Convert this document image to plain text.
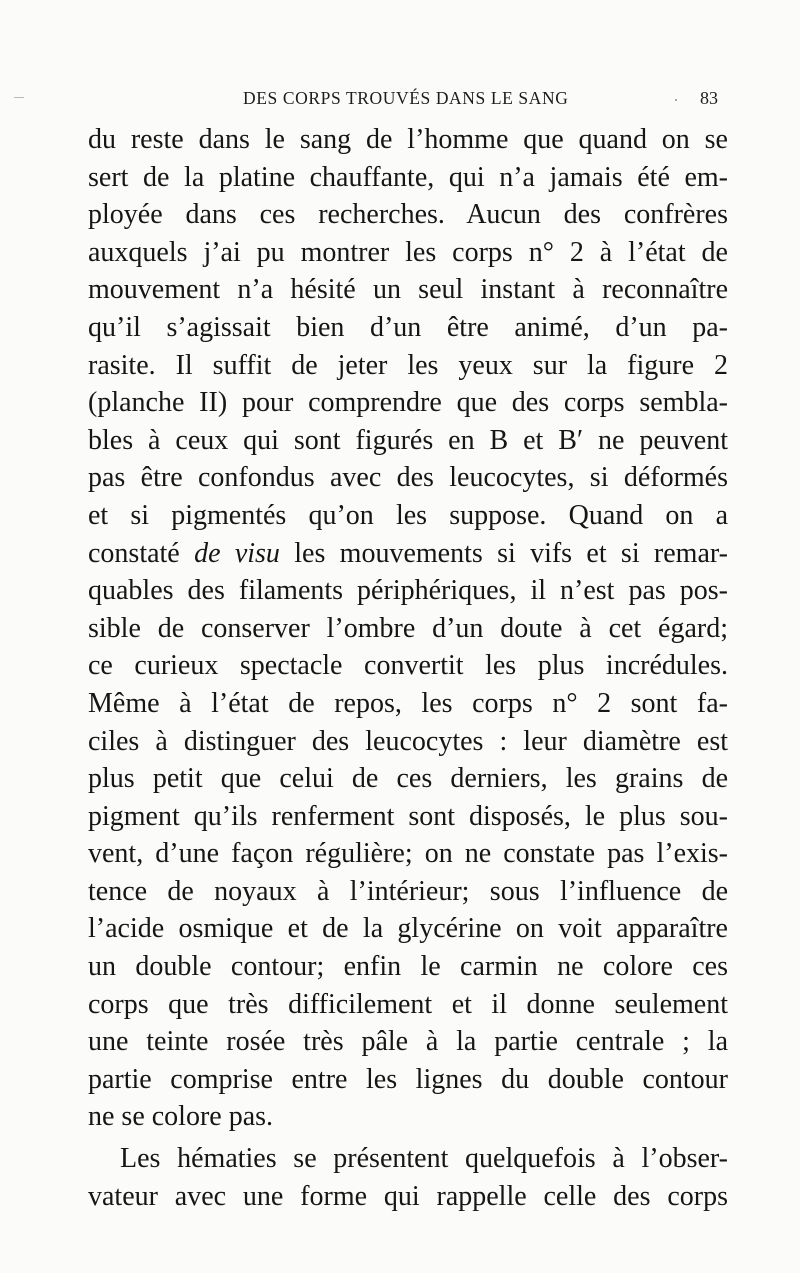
DES CORPS TROUVÉS DANS LE SANG	83
du reste dans le sang de l’homme que quand on se
sert de la platine chauffante, qui n’a jamais été em-
ployée dans ces recherches. Aucun des confrères
auxquels j’ai pu montrer les corps n° 2 à l’état de
mouvement n’a hésité un seul instant à reconnaître
qu’il s’agissait bien d’un être animé, d’un pa-
rasite. Il suffit de jeter les yeux sur la figure 2
(planche II) pour comprendre que des corps sembla-
bles à ceux qui sont figurés en B et B′ ne peuvent
pas être confondus avec des leucocytes, si déformés
et si pigmentés qu’on les suppose. Quand on a
constaté de visu les mouvements si vifs et si remar-
quables des filaments périphériques, il n’est pas pos-
sible de conserver l’ombre d’un doute à cet égard;
ce curieux spectacle convertit les plus incrédules.
Même à l’état de repos, les corps n° 2 sont fa-
ciles à distinguer des leucocytes : leur diamètre est
plus petit que celui de ces derniers, les grains de
pigment qu’ils renferment sont disposés, le plus sou-
vent, d’une façon régulière; on ne constate pas l’exis-
tence de noyaux à l’intérieur; sous l’influence de
l’acide osmique et de la glycérine on voit apparaître
un double contour; enfin le carmin ne colore ces
corps que très difficilement et il donne seulement
une teinte rosée très pâle à la partie centrale ; la
partie comprise entre les lignes du double contour
ne se colore pas.
Les hématies se présentent quelquefois à l’obser-
vateur avec une forme qui rappelle celle des corps
